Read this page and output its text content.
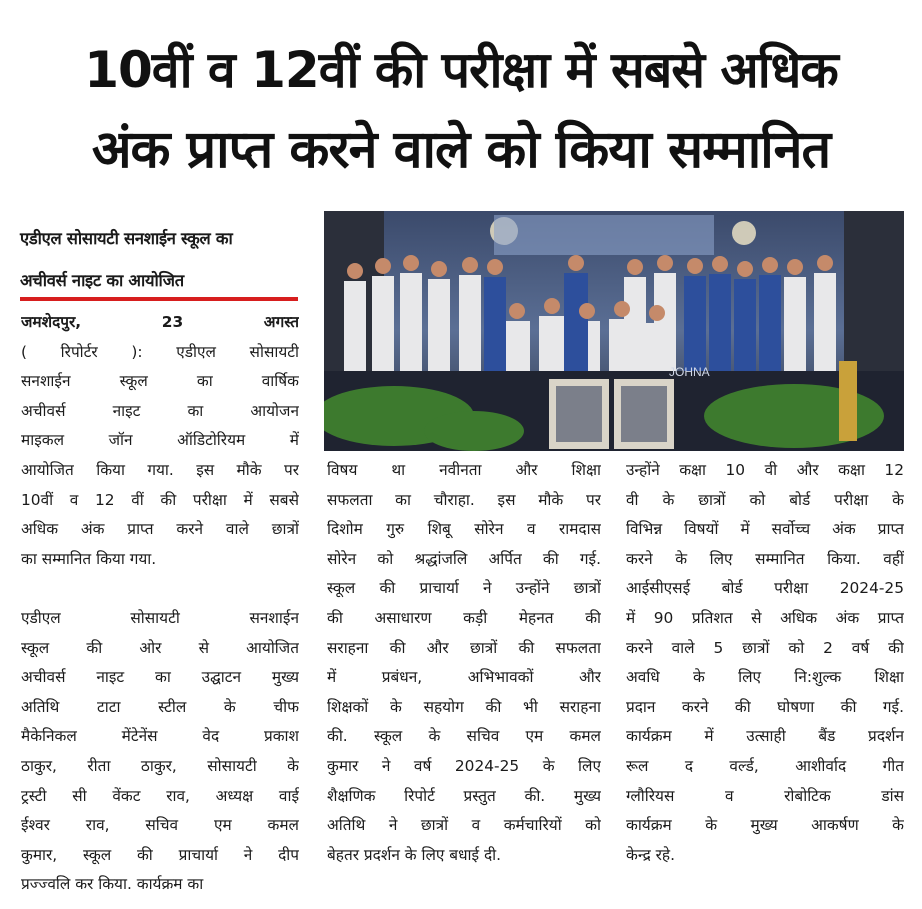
10वीं व 12वीं की परीक्षा में सबसे अधिक
अंक प्राप्त करने वाले को किया सम्मानित
एडीएल सोसायटी सनशाईन स्कूल का
अचीवर्स नाइट का आयोजित
जमशेदपुर, 23 अगस्त
( रिपोर्टर ): एडीएल सोसायटी
सनशाईन स्कूल का वार्षिक
अचीवर्स नाइट का आयोजन
माइकल जॉन ऑडिटोरियम में
आयोजित किया गया. इस मौके पर
10वीं व 12 वीं की परीक्षा में सबसे
अधिक अंक प्राप्त करने वाले छात्रों
का सम्मानित किया गया.
एडीएल सोसायटी सनशाईन
स्कूल की ओर से आयोजित
अचीवर्स नाइट का उद्घाटन मुख्य
अतिथि टाटा स्टील के चीफ
मैकेनिकल मेंटेनेंस वेद प्रकाश
ठाकुर, रीता ठाकुर, सोसायटी के
ट्रस्टी सी वेंकट राव, अध्यक्ष वाई
ईश्वर राव, सचिव एम कमल
कुमार, स्कूल की प्राचार्या ने दीप
प्रज्ज्वलि कर किया. कार्यक्रम का
विषय था नवीनता और शिक्षा
सफलता का चौराहा. इस मौके पर
दिशोम गुरु शिबू सोरेन व रामदास
सोरेन को श्रद्धांजलि अर्पित की गई.
स्कूल की प्राचार्या ने उन्होंने छात्रों
की असाधारण कड़ी मेहनत की
सराहना की और छात्रों की सफलता
में प्रबंधन, अभिभावकों और
शिक्षकों के सहयोग की भी सराहना
की. स्कूल के सचिव एम कमल
कुमार ने वर्ष 2024-25 के लिए
शैक्षणिक रिपोर्ट प्रस्तुत की. मुख्य
अतिथि ने छात्रों व कर्मचारियों को
बेहतर प्रदर्शन के लिए बधाई दी.
उन्होंने कक्षा 10 वी और कक्षा 12
वी के छात्रों को बोर्ड परीक्षा के
विभिन्न विषयों में सर्वोच्च अंक प्राप्त
करने के लिए सम्मानित किया. वहीं
आईसीएसई बोर्ड परीक्षा 2024-25
में 90 प्रतिशत से अधिक अंक प्राप्त
करने वाले 5 छात्रों को 2 वर्ष की
अवधि के लिए नि:शुल्क शिक्षा
प्रदान करने की घोषणा की गई.
कार्यक्रम में उत्साही बैंड प्रदर्शन
रूल द वर्ल्ड, आशीर्वाद गीत
ग्लौरियस व रोबोटिक डांस
कार्यक्रम के मुख्य आकर्षण के
केन्द्र रहे.
JOHNA
